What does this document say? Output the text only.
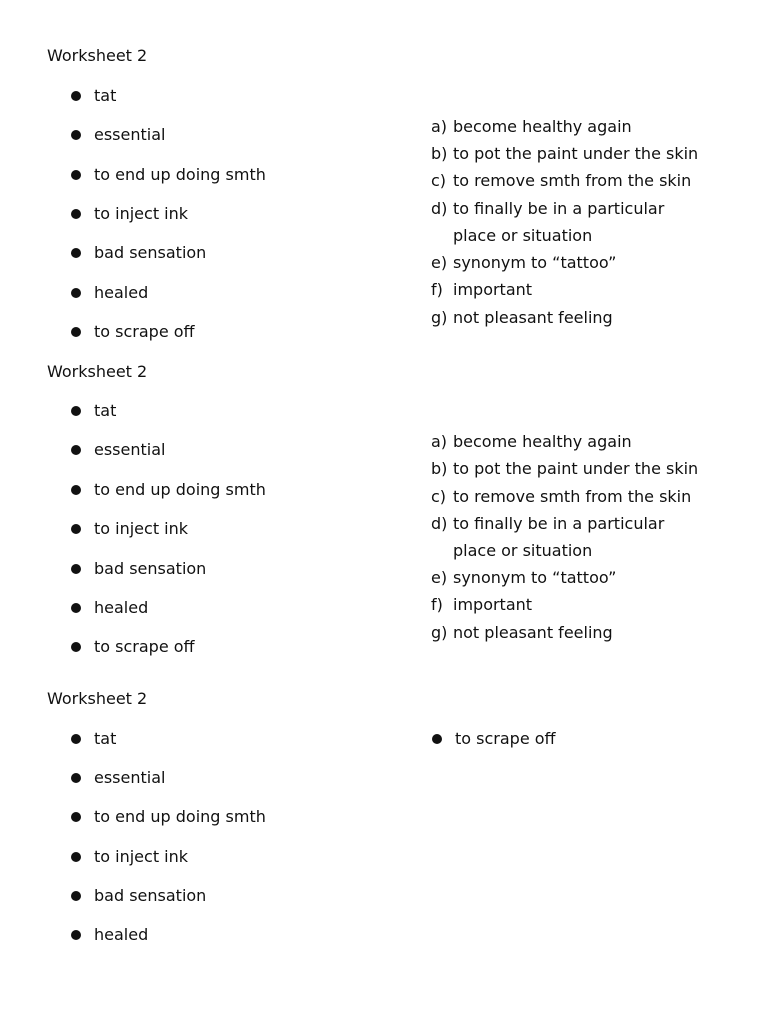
Worksheet 2
tat
essential
to end up doing smth
to inject ink
bad sensation
healed
to scrape off
a) become healthy again
b) to pot the paint under the skin
c) to remove smth from the skin
d) to finally be in a particular
place or situation
e) synonym to “tattoo”
f) important
g) not pleasant feeling
Worksheet 2
tat
essential
to end up doing smth
to inject ink
bad sensation
healed
to scrape off
a) become healthy again
b) to pot the paint under the skin
c) to remove smth from the skin
d) to finally be in a particular
place or situation
e) synonym to “tattoo”
f) important
g) not pleasant feeling
Worksheet 2
tat
essential
to end up doing smth
to inject ink
bad sensation
healed
to scrape off
